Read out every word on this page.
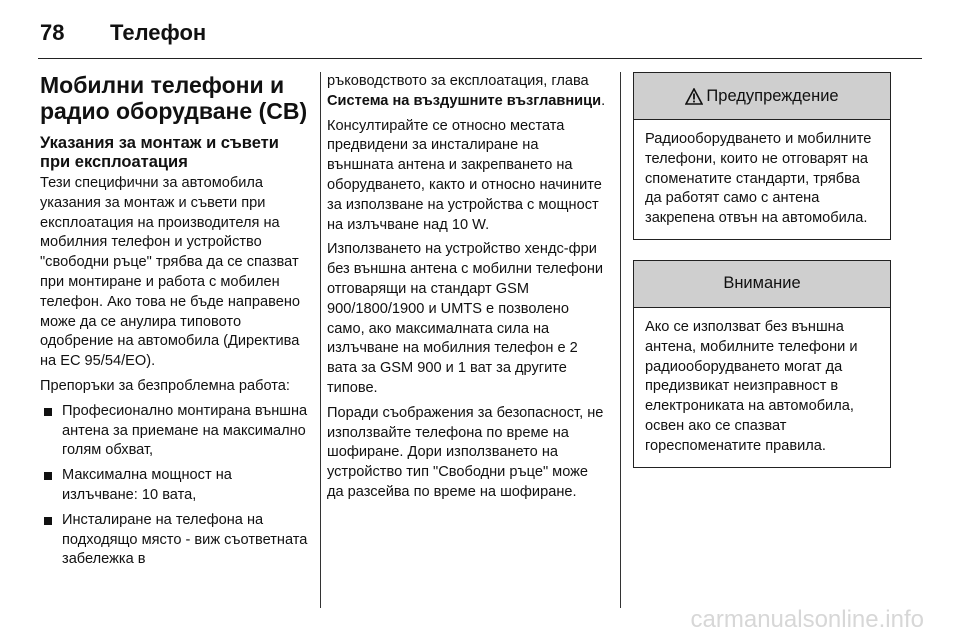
78	Телефон
Мобилни телефони и радио оборудване (CB)
Указания за монтаж и съвети при експлоатация

Тези специфични за автомобила указания за монтаж и съвети при експлоатация на производителя на мобилния телефон и устройство "свободни ръце" трябва да се спазват при монтиране и работа с мобилен телефон. Ако това не бъде направено може да се анулира типовото одобрение на автомобила (Директива на ЕС 95/54/ЕО).

Препоръки за безпроблемна работа:

Професионално монтирана външна антена за приемане на максимално голям обхват,
Максимална мощност на излъчване: 10 вата,
Инсталиране на телефона на подходящо място - виж съответната забележка в

ръководството за експлоатация, глава Система на въздушните възглавници.

Консултирайте се относно местата предвидени за инсталиране на външната антена и закрепването на оборудването, както и относно начините за използване на устройства с мощност на излъчване над 10 W.

Използването на устройство хендс-фри без външна антена с мобилни телефони отговарящи на стандарт GSM 900/1800/1900 и UMTS е позволено само, ако максималната сила на излъчване на мобилния телефон е 2 вата за GSM 900 и 1 ват за другите типове.

Поради съображения за безопасност, не използвайте телефона по време на шофиране. Дори използването на устройство тип "Свободни ръце" може да разсейва по време на шофиране.

Предупреждение

Радиооборудването и мобилните телефони, които не отговарят на споменатите стандарти, трябва да работят само с антена закрепена отвън на автомобила.

Внимание

Ако се използват без външна антена, мобилните телефони и радиооборудването могат да предизвикат неизправност в електрониката на автомобила, освен ако се спазват гореспоменатите правила.

carmanualsonline.info
